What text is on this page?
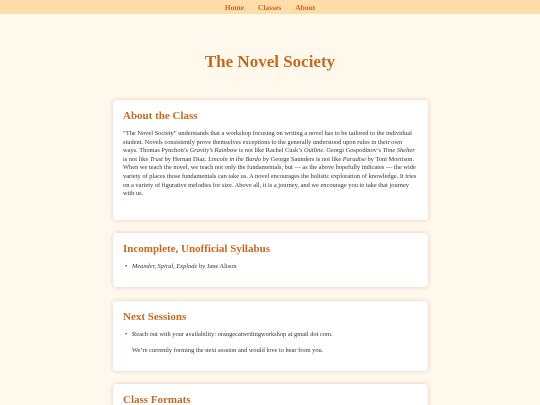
Home Classes About
The Novel Society
About the Class

“The Novel Society” understands that a workshop focusing on writing a novel has to be tailored to the individual student. Novels consistently prove themselves exceptions to the generally understood upon rules in their own ways. Thomas Pynchon’s Gravity’s Rainbow is not like Rachel Cusk’s Outline. Georgi Gospodinov’s Time Shelter is not like Trust by Hernan Diaz. Lincoln in the Bardo by George Saunders is not like Paradise by Toni Morrison. When we teach the novel, we teach not only the fundamentals, but — as the above hopefully indicates — the wide variety of places those fundamentals can take us. A novel encourages the holistic exploration of knowledge. It tries on a variety of figurative melodies for size. Above all, it is a journey, and we encourage you to take that journey with us.

Incomplete, Unofficial Syllabus
• Meander, Spiral, Explode by Jane Alison
Next Sessions
• Reach out with your availability: orangecatwritingworkshop at gmail dot com.

We’re currently forming the next session and would love to hear from you.

Class Formats
